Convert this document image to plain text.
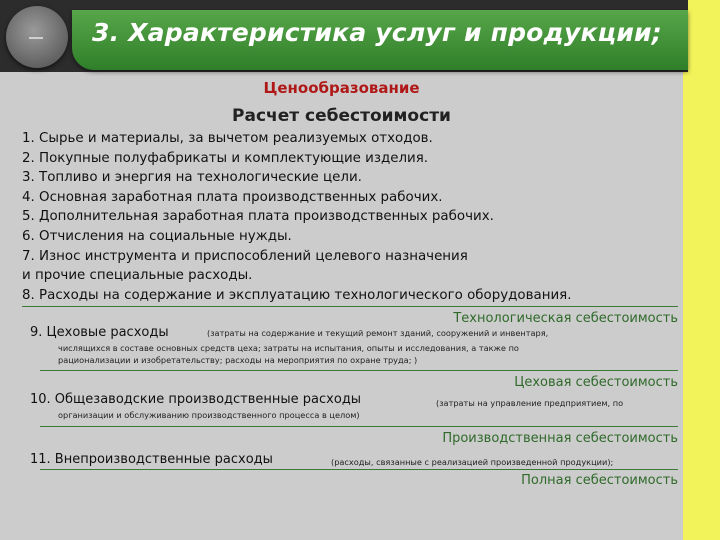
3. Характеристика услуг и продукции;
Ценообразование
Расчет себестоимости
1. Сырье и материалы, за вычетом реализуемых отходов.
2. Покупные полуфабрикаты и комплектующие изделия.
3. Топливо и энергия на технологические цели.
4. Основная заработная плата производственных рабочих.
5. Дополнительная заработная плата производственных рабочих.
6. Отчисления на социальные нужды.
7. Износ инструмента и приспособлений целевого назначения
и прочие специальные расходы.
8. Расходы на содержание и эксплуатацию технологического оборудования.
Технологическая себестоимость
9. Цеховые расходы	(затраты на содержание и текущий ремонт зданий, сооружений и инвентаря,
числящихся в составе основных средств цеха; затраты на испытания, опыты и исследования, а также по
рационализации и изобретательству; расходы на мероприятия по охране труда; )
Цеховая себестоимость
10. Общезаводские производственные расходы	(затраты на управление предприятием, по
организации и обслуживанию производственного процесса в целом)
Производственная себестоимость
11. Внепроизводственные расходы	(расходы, связанные с реализацией произведенной продукции);
Полная себестоимость
